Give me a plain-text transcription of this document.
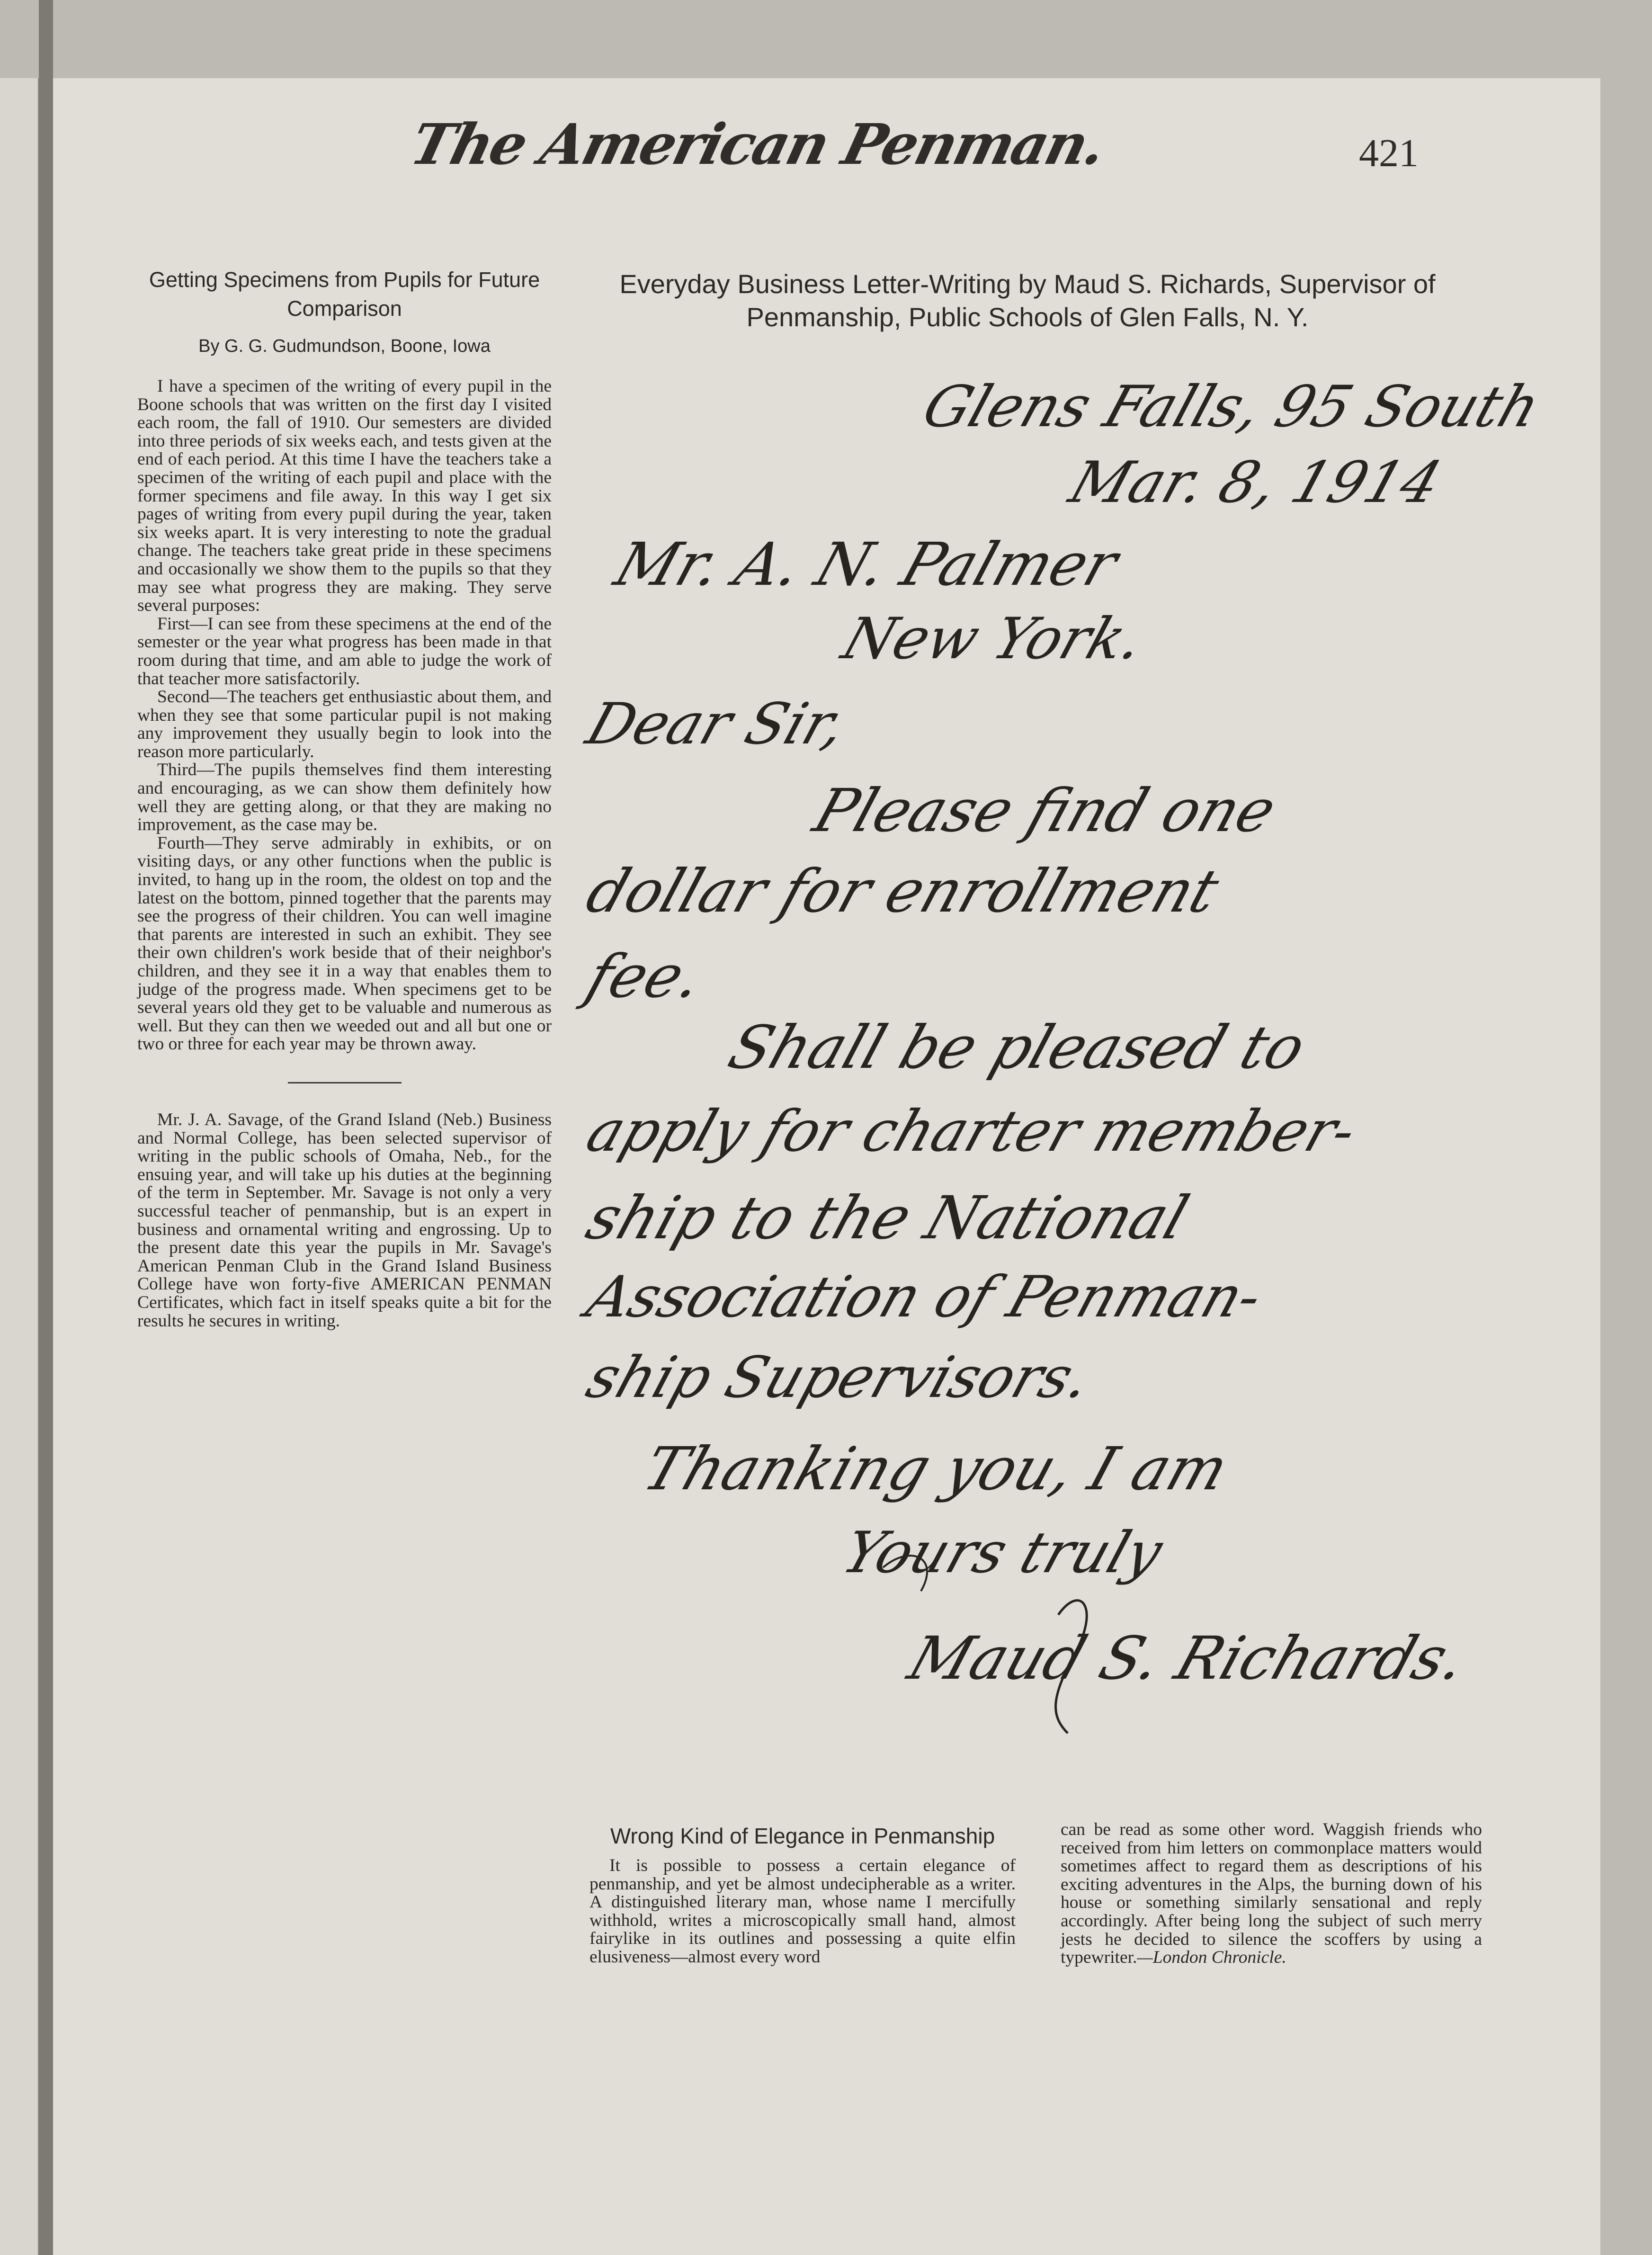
The American Penman.	421
Getting Specimens from Pupils for Future Comparison
By G. G. Gudmundson, Boone, Iowa

I have a specimen of the writing of every pupil in the Boone schools that was written on the first day I visited each room, the fall of 1910. Our semesters are divided into three periods of six weeks each, and tests given at the end of each period. At this time I have the teachers take a specimen of the writing of each pupil and place with the former specimens and file away. In this way I get six pages of writing from every pupil during the year, taken six weeks apart. It is very interesting to note the gradual change. The teachers take great pride in these specimens and occasionally we show them to the pupils so that they may see what progress they are making. They serve several purposes:

First—I can see from these specimens at the end of the semester or the year what progress has been made in that room during that time, and am able to judge the work of that teacher more satisfactorily.

Second—The teachers get enthusiastic about them, and when they see that some particular pupil is not making any improvement they usually begin to look into the reason more particularly.

Third—The pupils themselves find them interesting and encouraging, as we can show them definitely how well they are getting along, or that they are making no improvement, as the case may be.

Fourth—They serve admirably in exhibits, or on visiting days, or any other functions when the public is invited, to hang up in the room, the oldest on top and the latest on the bottom, pinned together that the parents may see the progress of their children. You can well imagine that parents are interested in such an exhibit. They see their own children's work beside that of their neighbor's children, and they see it in a way that enables them to judge of the progress made. When specimens get to be several years old they get to be valuable and numerous as well. But they can then we weeded out and all but one or two or three for each year may be thrown away.

Mr. J. A. Savage, of the Grand Island (Neb.) Business and Normal College, has been selected supervisor of writing in the public schools of Omaha, Neb., for the ensuing year, and will take up his duties at the beginning of the term in September. Mr. Savage is not only a very successful teacher of penmanship, but is an expert in business and ornamental writing and engrossing. Up to the present date this year the pupils in Mr. Savage's American Penman Club in the Grand Island Business College have won forty-five AMERICAN PENMAN Certificates, which fact in itself speaks quite a bit for the results he secures in writing.

Everyday Business Letter-Writing by Maud S. Richards, Supervisor of Penmanship, Public Schools of Glen Falls, N. Y.
Glens Falls, 95 South
Mar. 8, 1914
Mr. A. N. Palmer
New York.
Dear Sir,
Please find one
dollar for enrollment
fee.
Shall be pleased to
apply for charter member-
ship to the National
Association of Penman-
ship Supervisors.
Thanking you, I am
Yours truly
Maud S. Richards.
Wrong Kind of Elegance in Penmanship

It is possible to possess a certain elegance of penmanship, and yet be almost undecipherable as a writer. A distinguished literary man, whose name I mercifully withhold, writes a microscopically small hand, almost fairylike in its outlines and possessing a quite elfin elusiveness—almost every word

can be read as some other word. Waggish friends who received from him letters on commonplace matters would sometimes affect to regard them as descriptions of his exciting adventures in the Alps, the burning down of his house or something similarly sensational and reply accordingly. After being long the subject of such merry jests he decided to silence the scoffers by using a typewriter.—London Chronicle.
